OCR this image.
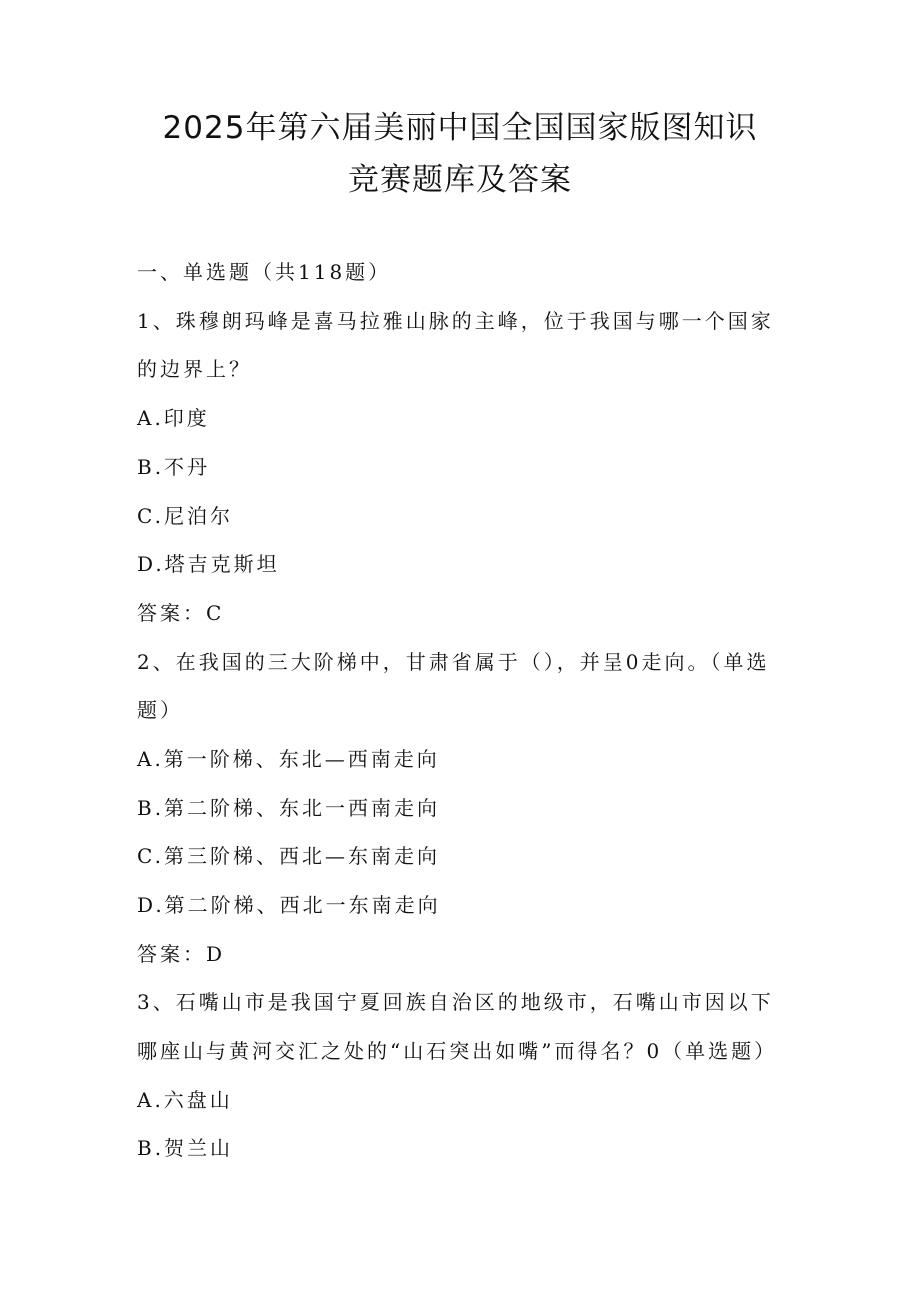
2025年第六届美丽中国全国国家版图知识
竞赛题库及答案
一、单选题（共118题）
1、珠穆朗玛峰是喜马拉雅山脉的主峰，位于我国与哪一个国家
的边界上？
A.印度
B.不丹
C.尼泊尔
D.塔吉克斯坦
答案：C
2、在我国的三大阶梯中，甘肃省属于（），并呈0走向。（单选
题）
A.第一阶梯、东北—西南走向
B.第二阶梯、东北一西南走向
C.第三阶梯、西北—东南走向
D.第二阶梯、西北一东南走向
答案：D
3、石嘴山市是我国宁夏回族自治区的地级市，石嘴山市因以下
哪座山与黄河交汇之处的“山石突出如嘴”而得名？0（单选题）
A.六盘山
B.贺兰山
